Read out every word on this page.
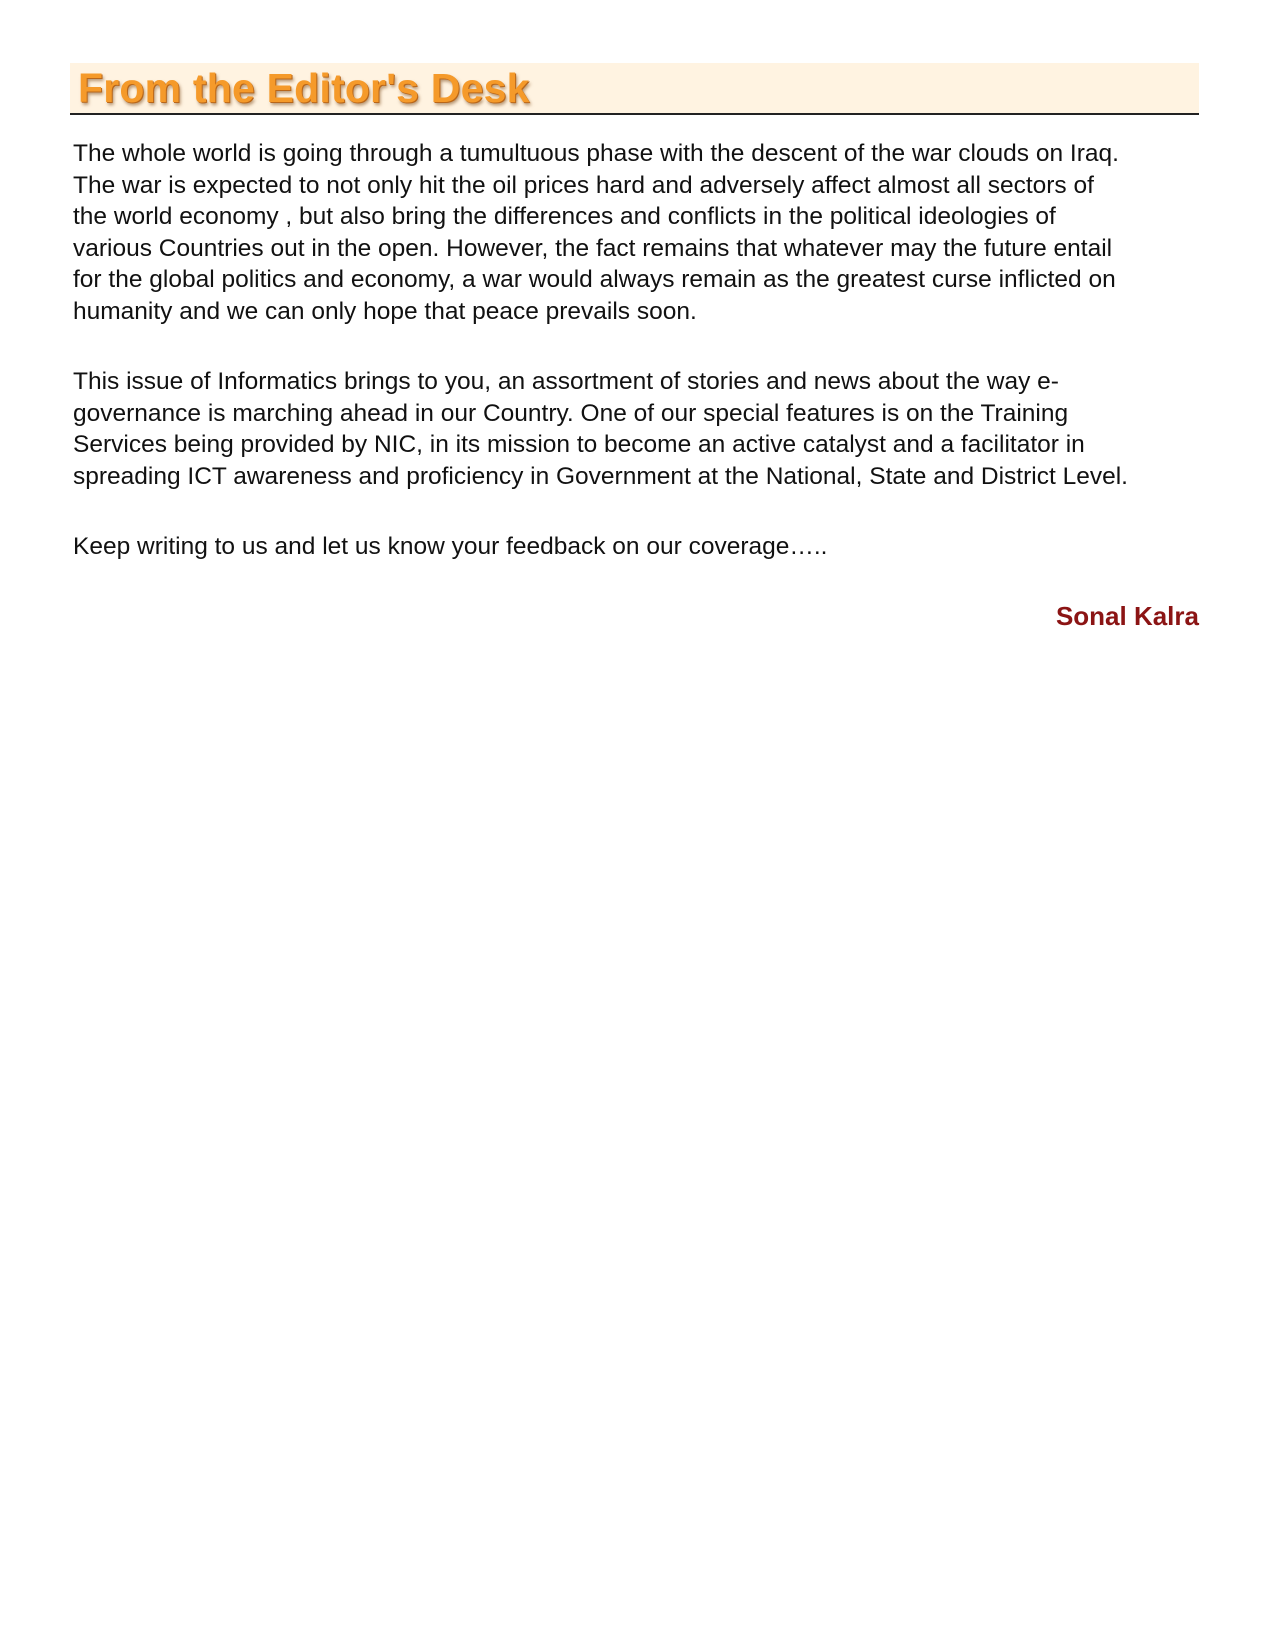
From the Editor's Desk

The whole world is going through a tumultuous phase with the descent of the war clouds on Iraq.
The war is expected to not only hit the oil prices hard and adversely affect almost all sectors of
the world economy , but also bring the differences and conflicts in the political ideologies of
various Countries out in the open. However, the fact remains that whatever may the future entail
for the global politics and economy, a war would always remain as the greatest curse inflicted on
humanity and we can only hope that peace prevails soon.

This issue of Informatics brings to you, an assortment of stories and news about the way e-
governance is marching ahead in our Country. One of our special features is on the Training
Services being provided by NIC, in its mission to become an active catalyst and a facilitator in
spreading ICT awareness and proficiency in Government at the National, State and District Level.

Keep writing to us and let us know your feedback on our coverage…..

Sonal Kalra
